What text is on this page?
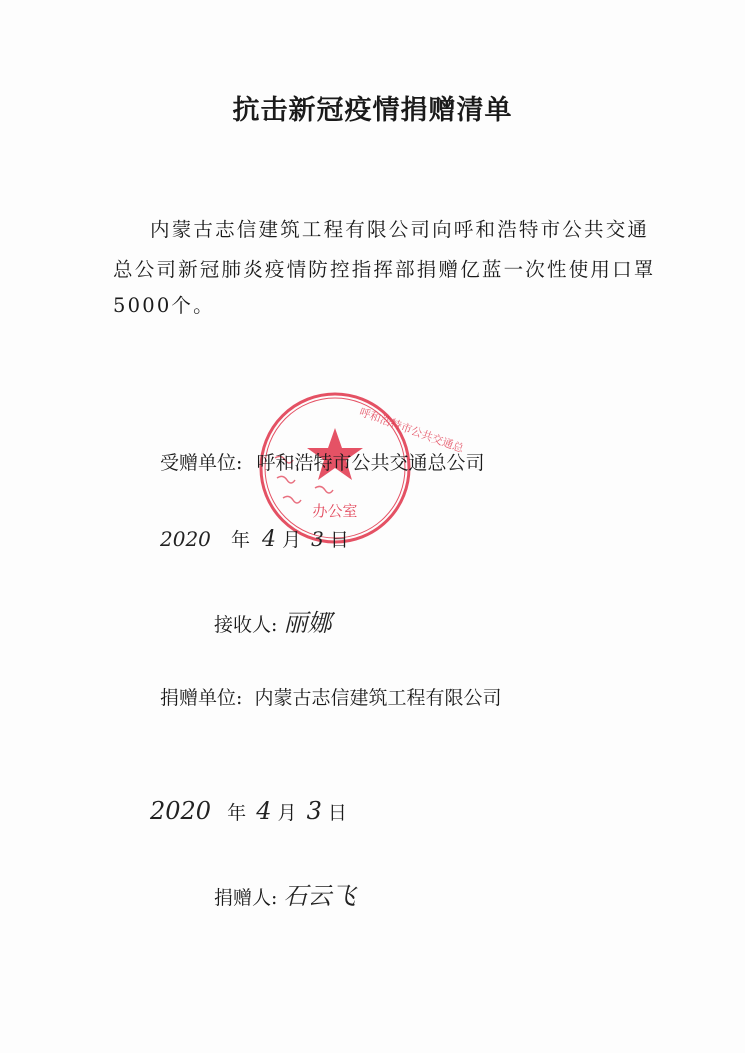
抗击新冠疫情捐赠清单
内蒙古志信建筑工程有限公司向呼和浩特市公共交通
总公司新冠肺炎疫情防控指挥部捐赠亿蓝一次性使用口罩
5000个。
呼和浩特市公共交通总
办公室
受赠单位: 呼和浩特市公共交通总公司
2020 年 4 月 3 日
接收人: 丽娜
捐赠单位: 内蒙古志信建筑工程有限公司
2020 年 4 月 3 日
捐赠人: 石云飞
